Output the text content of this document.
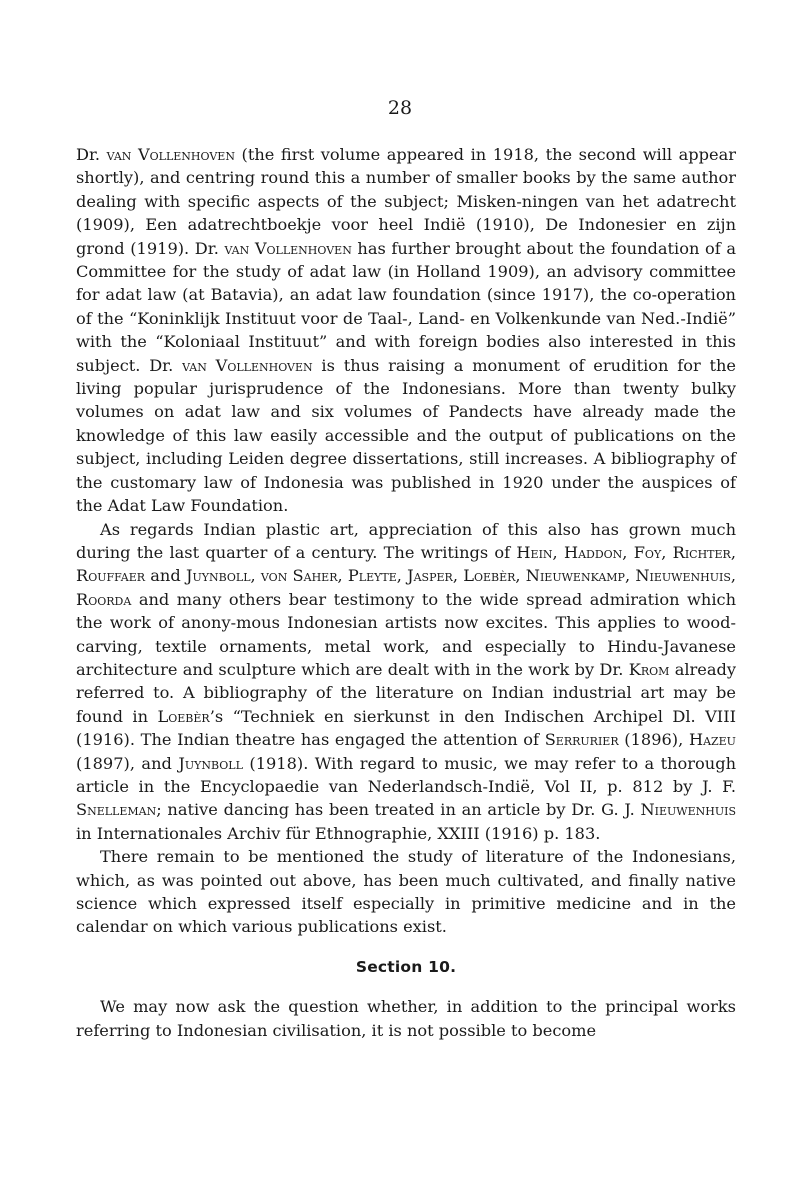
28

Dr. van Vollenhoven (the first volume appeared in 1918, the second will appear shortly), and centring round this a number of smaller books by the same author dealing with specific aspects of the subject; Misken-ningen van het adatrecht (1909), Een adatrechtboekje voor heel Indië (1910), De Indonesier en zijn grond (1919). Dr. van Vollenhoven has further brought about the foundation of a Committee for the study of adat law (in Holland 1909), an advisory committee for adat law (at Batavia), an adat law foundation (since 1917), the co-operation of the “Koninklijk Instituut voor de Taal-, Land- en Volkenkunde van Ned.-Indië” with the “Koloniaal Instituut” and with foreign bodies also interested in this subject. Dr. van Vollenhoven is thus raising a monument of erudition for the living popular jurisprudence of the Indonesians. More than twenty bulky volumes on adat law and six volumes of Pandects have already made the knowledge of this law easily accessible and the output of publications on the subject, including Leiden degree dissertations, still increases. A bibliography of the customary law of Indonesia was published in 1920 under the auspices of the Adat Law Foundation.

As regards Indian plastic art, appreciation of this also has grown much during the last quarter of a century. The writings of Hein, Haddon, Foy, Richter, Rouffaer and Juynboll, von Saher, Pleyte, Jasper, Loebèr, Nieuwenkamp, Nieuwenhuis, Roorda and many others bear testimony to the wide spread admiration which the work of anony-mous Indonesian artists now excites. This applies to wood-carving, textile ornaments, metal work, and especially to Hindu-Javanese architecture and sculpture which are dealt with in the work by Dr. Krom already referred to. A bibliography of the literature on Indian industrial art may be found in Loebèr’s “Techniek en sierkunst in den Indischen Archipel Dl. VIII (1916). The Indian theatre has engaged the attention of Serrurier (1896), Hazeu (1897), and Juynboll (1918). With regard to music, we may refer to a thorough article in the Encyclopaedie van Nederlandsch-Indië, Vol II, p. 812 by J. F. Snelleman; native dancing has been treated in an article by Dr. G. J. Nieuwenhuis in Internationales Archiv für Ethnographie, XXIII (1916) p. 183.

There remain to be mentioned the study of literature of the Indonesians, which, as was pointed out above, has been much cultivated, and finally native science which expressed itself especially in primitive medicine and in the calendar on which various publications exist.

Section 10.

We may now ask the question whether, in addition to the principal works referring to Indonesian civilisation, it is not possible to become
